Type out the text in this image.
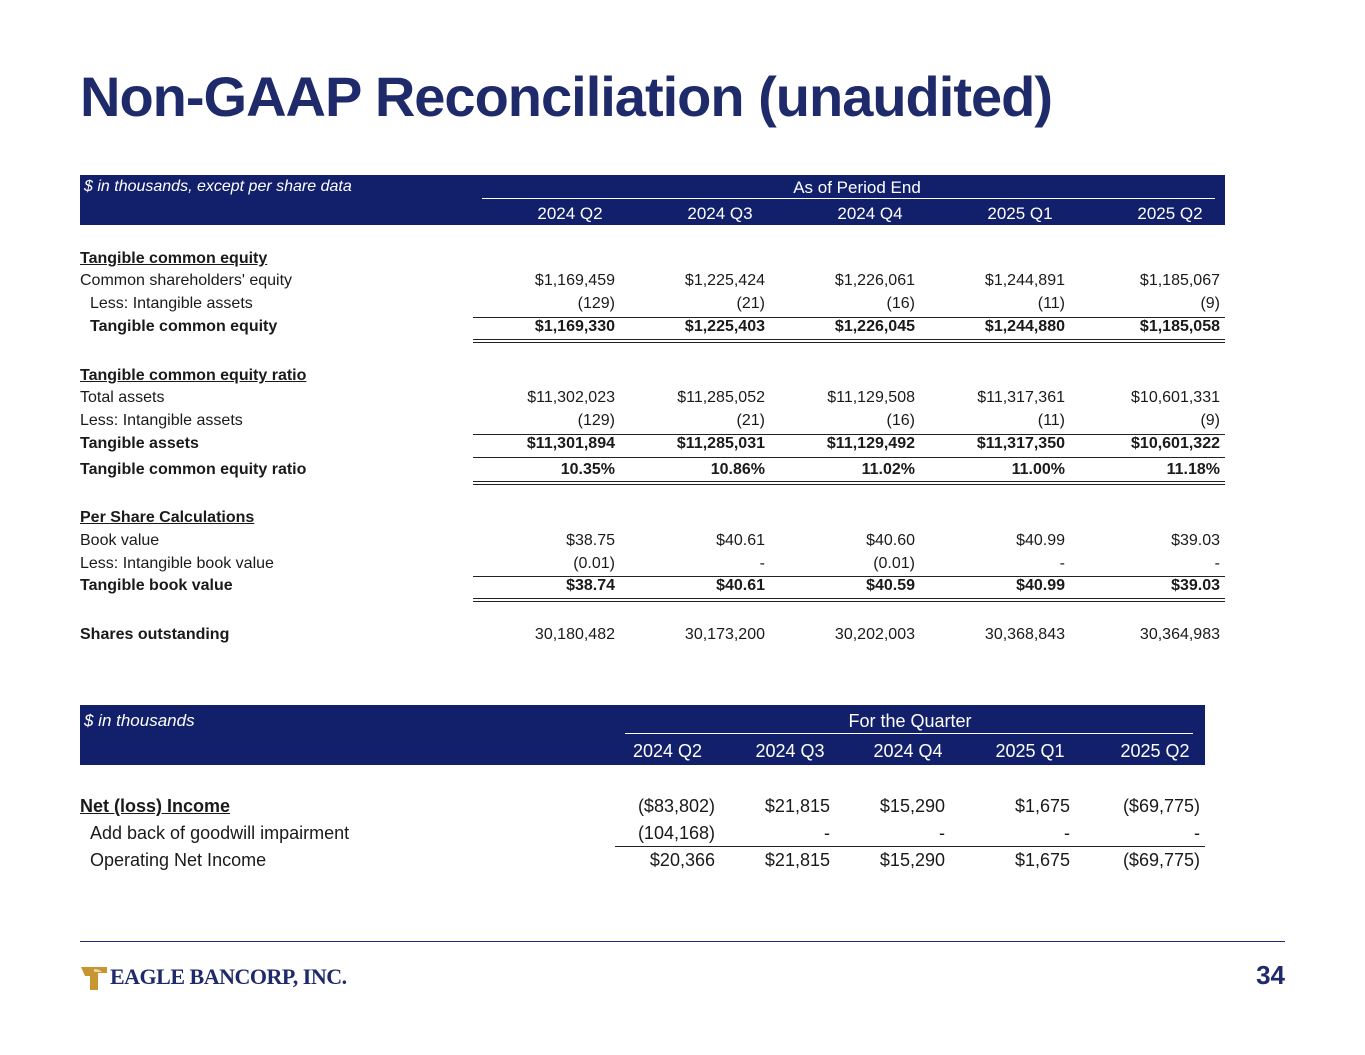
Non-GAAP Reconciliation (unaudited)
$ in thousands, except per share data	As of Period End
2024 Q2	2024 Q3	2024 Q4	2025 Q1	2025 Q2
Tangible common equity
Common shareholders' equity	$1,169,459	$1,225,424	$1,226,061	$1,244,891	$1,185,067
Less: Intangible assets	(129)	(21)	(16)	(11)	(9)
Tangible common equity	$1,169,330	$1,225,403	$1,226,045	$1,244,880	$1,185,058
Tangible common equity ratio
Total assets	$11,302,023	$11,285,052	$11,129,508	$11,317,361	$10,601,331
Less: Intangible assets	(129)	(21)	(16)	(11)	(9)
Tangible assets	$11,301,894	$11,285,031	$11,129,492	$11,317,350	$10,601,322
Tangible common equity ratio	10.35%	10.86%	11.02%	11.00%	11.18%
Per Share Calculations
Book value	$38.75	$40.61	$40.60	$40.99	$39.03
Less: Intangible book value	(0.01)	-	(0.01)	-	-
Tangible book value	$38.74	$40.61	$40.59	$40.99	$39.03
Shares outstanding	30,180,482	30,173,200	30,202,003	30,368,843	30,364,983
$ in thousands	For the Quarter
2024 Q2	2024 Q3	2024 Q4	2025 Q1	2025 Q2
Net (loss) Income	($83,802)	$21,815	$15,290	$1,675	($69,775)
Add back of goodwill impairment	(104,168)	-	-	-	-
Operating Net Income	$20,366	$21,815	$15,290	$1,675	($69,775)
EAGLE BANCORP, INC.	34
